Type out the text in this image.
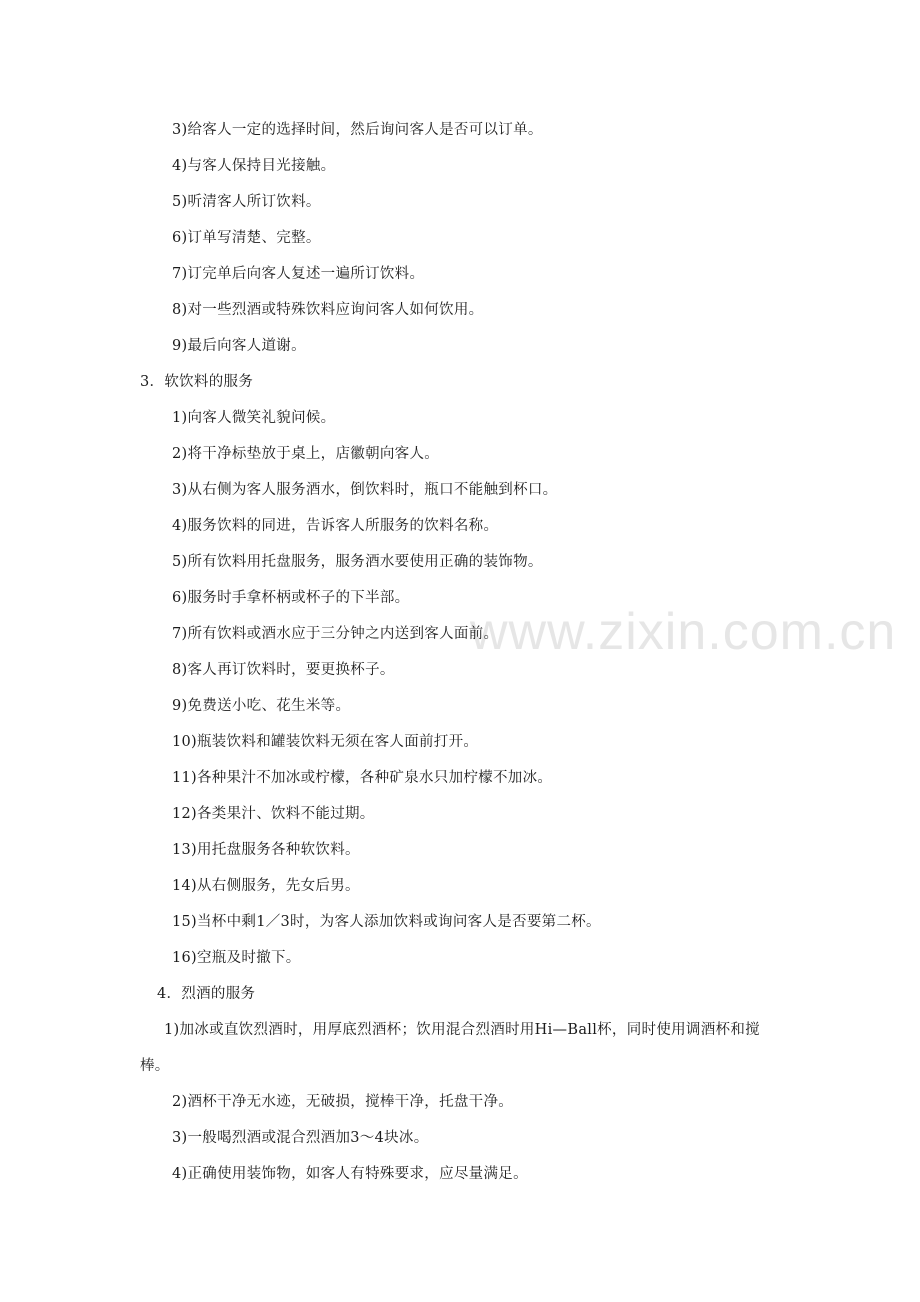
www.zixin.com.cn
3)给客人一定的选择时间，然后询问客人是否可以订单。
4)与客人保持目光接触。
5)听清客人所订饮料。
6)订单写清楚、完整。
7)订完单后向客人复述一遍所订饮料。
8)对一些烈酒或特殊饮料应询问客人如何饮用。
9)最后向客人道谢。
3．软饮料的服务
1)向客人微笑礼貌问候。
2)将干净标垫放于桌上，店徽朝向客人。
3)从右侧为客人服务酒水，倒饮料时，瓶口不能触到杯口。
4)服务饮料的同进，告诉客人所服务的饮料名称。
5)所有饮料用托盘服务，服务酒水要使用正确的装饰物。
6)服务时手拿杯柄或杯子的下半部。
7)所有饮料或酒水应于三分钟之内送到客人面前。
8)客人再订饮料时，要更换杯子。
9)免费送小吃、花生米等。
10)瓶装饮料和罐装饮料无须在客人面前打开。
11)各种果汁不加冰或柠檬，各种矿泉水只加柠檬不加冰。
12)各类果汁、饮料不能过期。
13)用托盘服务各种软饮料。
14)从右侧服务，先女后男。
15)当杯中剩1／3时，为客人添加饮料或询问客人是否要第二杯。
16)空瓶及时撤下。
4．烈酒的服务
1)加冰或直饮烈酒时，用厚底烈酒杯；饮用混合烈酒时用Hi—Ball杯，同时使用调酒杯和搅棒。
2)酒杯干净无水迹，无破损，搅棒干净，托盘干净。
3)一般喝烈酒或混合烈酒加3～4块冰。
4)正确使用装饰物，如客人有特殊要求，应尽量满足。
